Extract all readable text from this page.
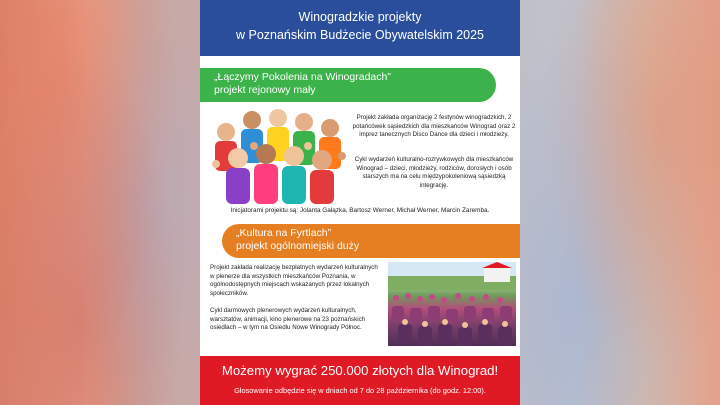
Winogradzkie projekty
w Poznańskim Budżecie Obywatelskim 2025
„Łączymy Pokolenia na Winogradach”
projekt rejonowy mały
Projekt zakłada organizację 2 festynów winogradzkich, 2 potańcówek sąsiedzkich dla mieszkańców Winograd oraz 2 imprez tanecznych Disco Dance dla dzieci i młodzieży.
Cykl wydarzeń kulturalno-rozrywkowych dla mieszkańców Winograd – dzieci, młodzieży, rodziców, dorosłych i osób starszych ma na celu międzypokoleniową sąsiedzką integrację.
Inicjatorami projektu są: Jolanta Gałązka, Bartosz Werner, Michał Werner, Marcin Zaremba.
„Kultura na Fyrtlach”
projekt ogólnomiejski duży
Projekt zakłada realizację bezpłatnych wydarzeń kulturalnych w plenerze dla wszystkich mieszkańców Poznania, w ogólnodostępnych miejscach wskazanych przez lokalnych społeczników.
Cykl darmowych plenerowych wydarzeń kulturalnych, warsztatów, animacji, kino plenerowe na 23 poznańskich osiedlach – w tym na Osiedlu Nowe Winogrady Północ.
Możemy wygrać 250.000 złotych dla Winograd!
Głosowanie odbędzie się w dniach od 7 do 28 października (do godz. 12:00).
